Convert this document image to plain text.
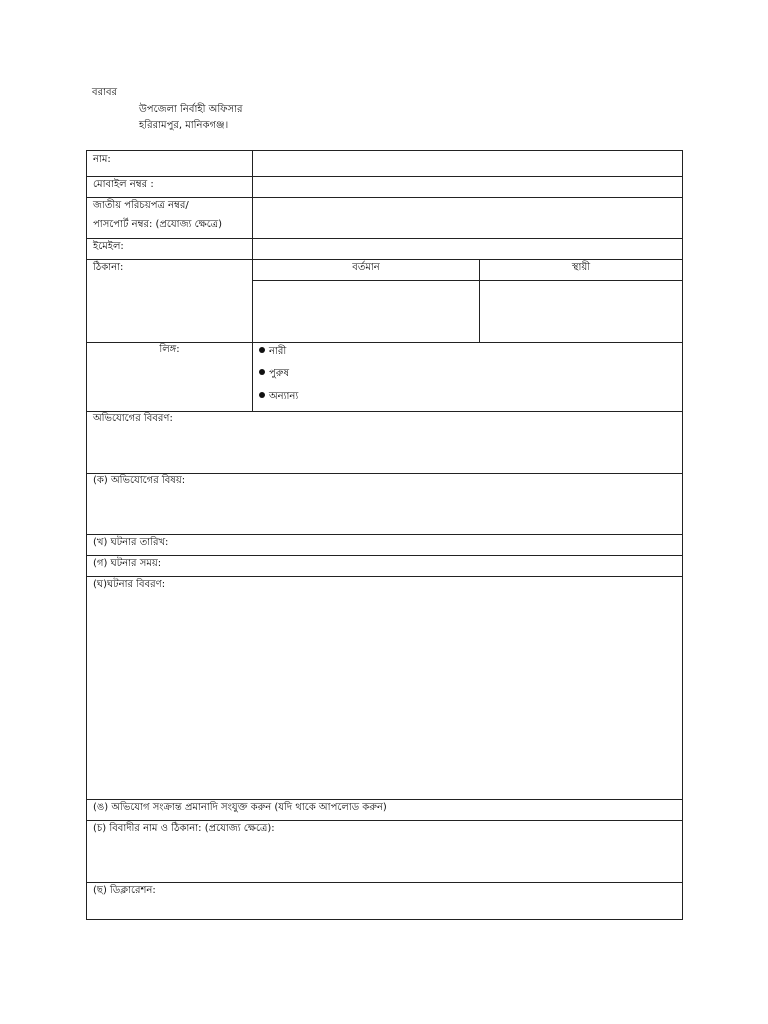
বরাবর
উপজেলা নির্বাহী অফিসার
হরিরামপুর, মানিকগঞ্জ।
নাম:
মোবাইল নম্বর :
জাতীয় পরিচয়পত্র নম্বর/
পাসপোর্ট নম্বর: (প্রযোজ্য ক্ষেত্রে)
ইমেইল:
ঠিকানা:	বর্তমান	স্থায়ী
লিঙ্গ:	নারী
পুরুষ
অন্যান্য
অভিযোগের বিবরণ:
(ক) অভিযোগের বিষয়:
(খ) ঘটনার তারিখ:
(গ) ঘটনার সময়:
(ঘ)ঘটনার বিবরণ:
(ঙ) অভিযোগ সংক্রান্ত প্রমানাদি সংযুক্ত করুন (যদি থাকে আপলোড করুন)
(চ) বিবাদীর নাম ও ঠিকানা: (প্রযোজ্য ক্ষেত্রে):
(ছ) ডিক্লারেশন:
